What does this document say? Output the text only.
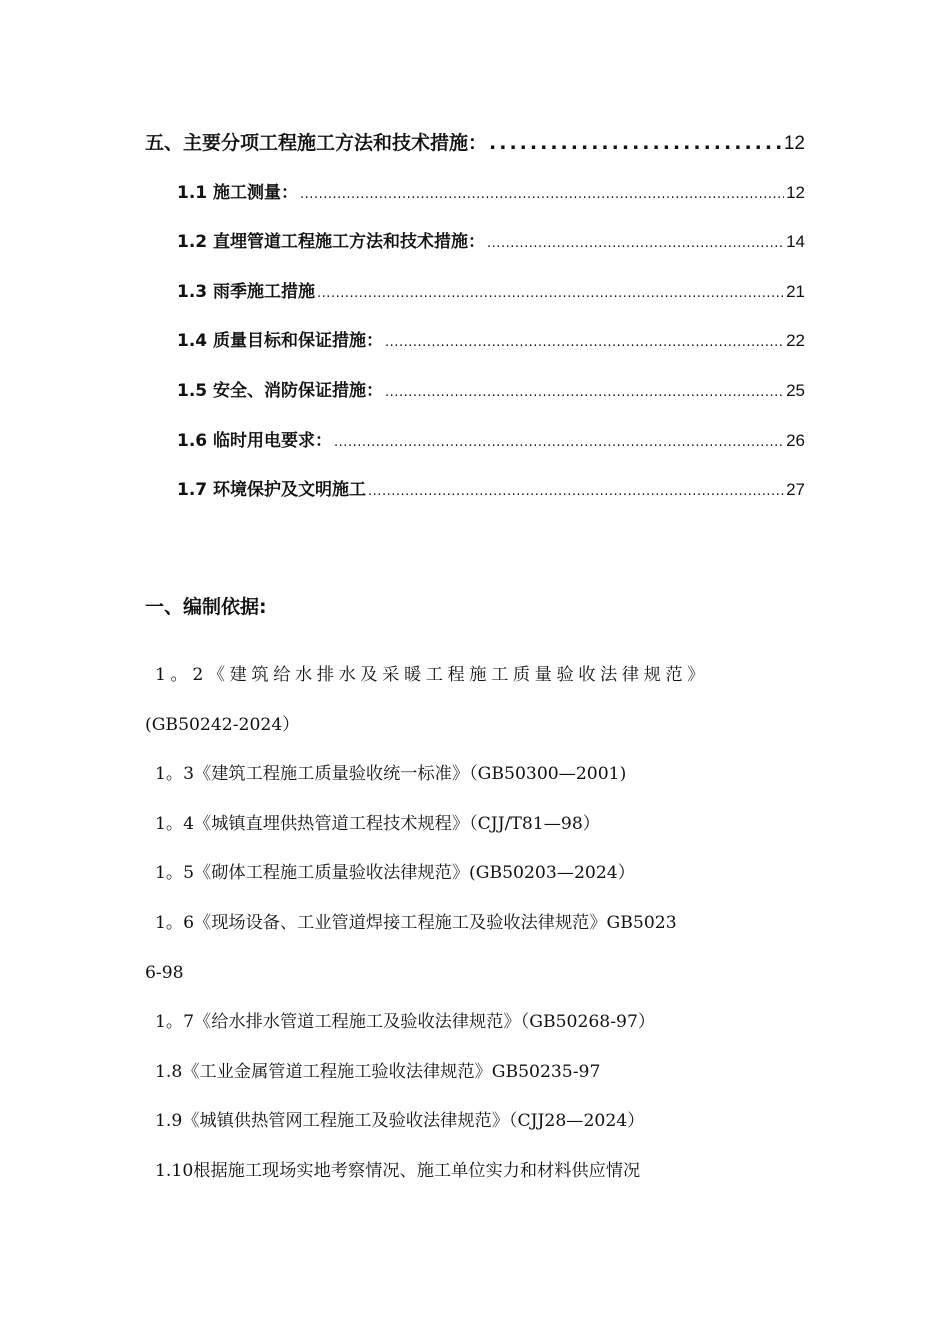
五、主要分项工程施工方法和技术措施： .....	12
1.1 施工测量： .....	12
1.2 直埋管道工程施工方法和技术措施： .....	14
1.3 雨季施工措施 .....	21
1.4 质量目标和保证措施： .....	22
1.5 安全、消防保证措施： .....	25
1.6 临时用电要求： .....	26
1.7 环境保护及文明施工 .....	27
一、编制依据:
1。2《建筑给水排水及采暖工程施工质量验收法律规范》
(GB50242-2024）
1。3《建筑工程施工质量验收统一标准》（GB50300—2001)
1。4《城镇直埋供热管道工程技术规程》（CJJ/T81—98）
1。5《砌体工程施工质量验收法律规范》(GB50203—2024）
1。6《现场设备、工业管道焊接工程施工及验收法律规范》GB5023
6-98
1。7《给水排水管道工程施工及验收法律规范》（GB50268-97）
1.8《工业金属管道工程施工验收法律规范》GB50235-97
1.9《城镇供热管网工程施工及验收法律规范》（CJJ28—2024）
1.10根据施工现场实地考察情况、施工单位实力和材料供应情况
